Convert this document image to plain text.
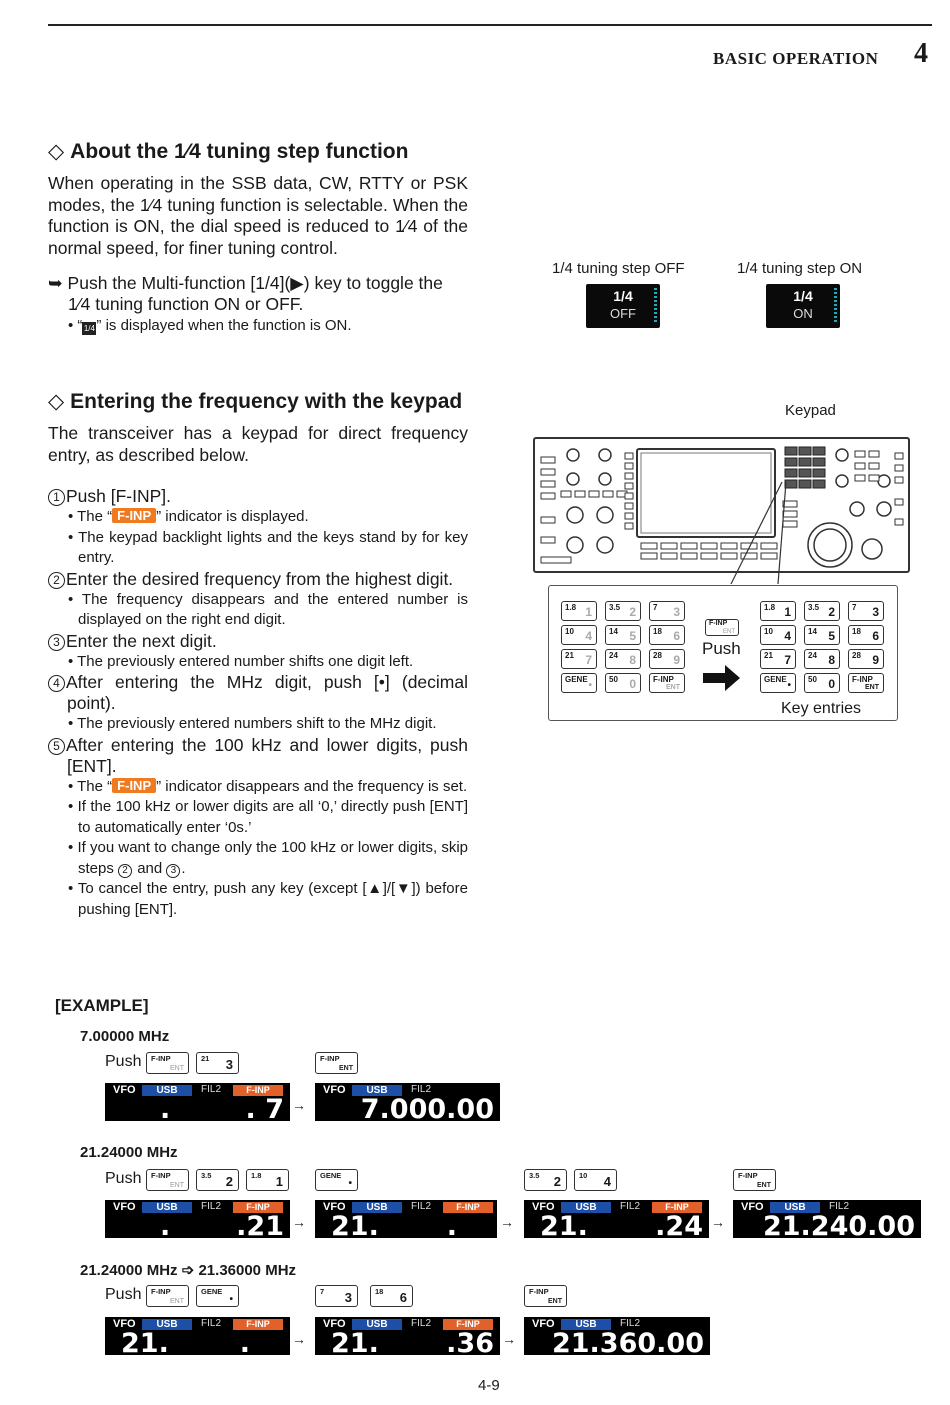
BASIC OPERATION 4
◇ About the 1⁄4 tuning step function
When operating in the SSB data, CW, RTTY or PSK modes, the 1⁄4 tuning function is selectable. When the function is ON, the dial speed is reduced to 1⁄4 of the normal speed, for finer tuning control.
➥ Push the Multi-function [1/4](▶) key to toggle the 1⁄4 tuning function ON or OFF.
• “1/4” is displayed when the function is ON.
1/4 tuning step OFF	1/4 tuning step ON
1/4
OFF
1/4
ON
◇ Entering the frequency with the keypad
The transceiver has a keypad for direct frequency entry, as described below.
1 Push [F-INP].
• The “ F-INP ” indicator is displayed.
• The keypad backlight lights and the keys stand by for key entry.
2 Enter the desired frequency from the highest digit.
• The frequency disappears and the entered number is displayed on the right end digit.
3 Enter the next digit.
• The previously entered number shifts one digit left.
4 After entering the MHz digit, push [•] (decimal point).
• The previously entered numbers shift to the MHz digit.
5 After entering the 100 kHz and lower digits, push [ENT].
• The “ F-INP ” indicator disappears and the frequency is set.
• If the 100 kHz or lower digits are all ‘0,’ directly push [ENT] to automatically enter ‘0s.’
• If you want to change only the 100 kHz or lower digits, skip steps 2 and 3 .
• To cancel the entry, push any key (except [▲]/[▼]) before pushing [ENT].
Keypad
1.8 1 3.5 2 7 3
10 4 14 5 18 6
21 7 24 8 28 9
GENE
•
50 0 F-INP
ENT
1.8 1 3.5 2 7 3
10 4 14 5 18 6
21 7 24 8 28 9
GENE
•
50 0 F-INP
ENT
F-INP
ENT
Push
Key entries
[EXAMPLE]
7.00000 MHz
Push F-INP
ENT
21 3	F-INP
ENT
VFO	USB	FIL2	F-INP
.	. 7 →
VFO	USB	FIL2
7.000.00
21.24000 MHz
Push F-INP
ENT
3.5 2 1.8 1	GENE
•
3.5 2 10 4	F-INP
ENT
VFO	USB	FIL2	F-INP
. .21 →
VFO	USB	FIL2	F-INP
21.	.	→
VFO	USB	FIL2	F-INP
21. .24 →
VFO	USB	FIL2
21.240.00
21.24000 MHz ➩ 21.36000 MHz
Push F-INP
ENT
GENE
•
7 3	18 6	F-INP
ENT
VFO	USB	FIL2	F-INP
21.	.	→
VFO	USB	FIL2	F-INP
21. .36 →
VFO	USB	FIL2
21.360.00
4-9
